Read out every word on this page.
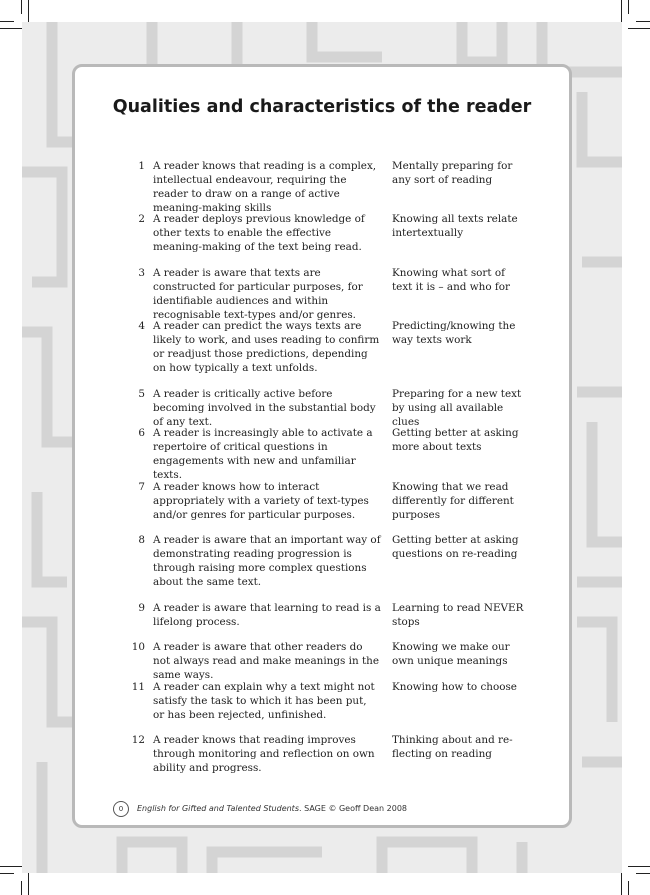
Qualities and characteristics of the reader
1 A reader knows that reading is a complex, intellectual endeavour, requiring the reader to draw on a range of active meaning-making skills
Mentally preparing for any sort of reading
2 A reader deploys previous knowledge of other texts to enable the effective meaning-making of the text being read.
Knowing all texts relate intertextually
3 A reader is aware that texts are constructed for particular purposes, for identifiable audiences and within recognisable text-types and/or genres.
Knowing what sort of text it is – and who for
4 A reader can predict the ways texts are likely to work, and uses reading to confirm or readjust those predictions, depending on how typically a text unfolds.
Predicting/knowing the way texts work
5 A reader is critically active before becoming involved in the substantial body of any text.
Preparing for a new text by using all available clues
6 A reader is increasingly able to activate a repertoire of critical questions in engagements with new and unfamiliar texts.
Getting better at asking more about texts
7 A reader knows how to interact appropriately with a variety of text-types and/or genres for particular purposes.
Knowing that we read differently for different purposes
8 A reader is aware that an important way of demonstrating reading progression is through raising more complex questions about the same text.
Getting better at asking questions on re-reading
9 A reader is aware that learning to read is a lifelong process.
Learning to read NEVER stops
10 A reader is aware that other readers do not always read and make meanings in the same ways.
Knowing we make our own unique meanings
11 A reader can explain why a text might not satisfy the task to which it has been put, or has been rejected, unfinished.
Knowing how to choose
12 A reader knows that reading improves through monitoring and reflection on own ability and progress.
Thinking about and re-flecting on reading
0	English for Gifted and Talented Students. SAGE © Geoff Dean 2008
